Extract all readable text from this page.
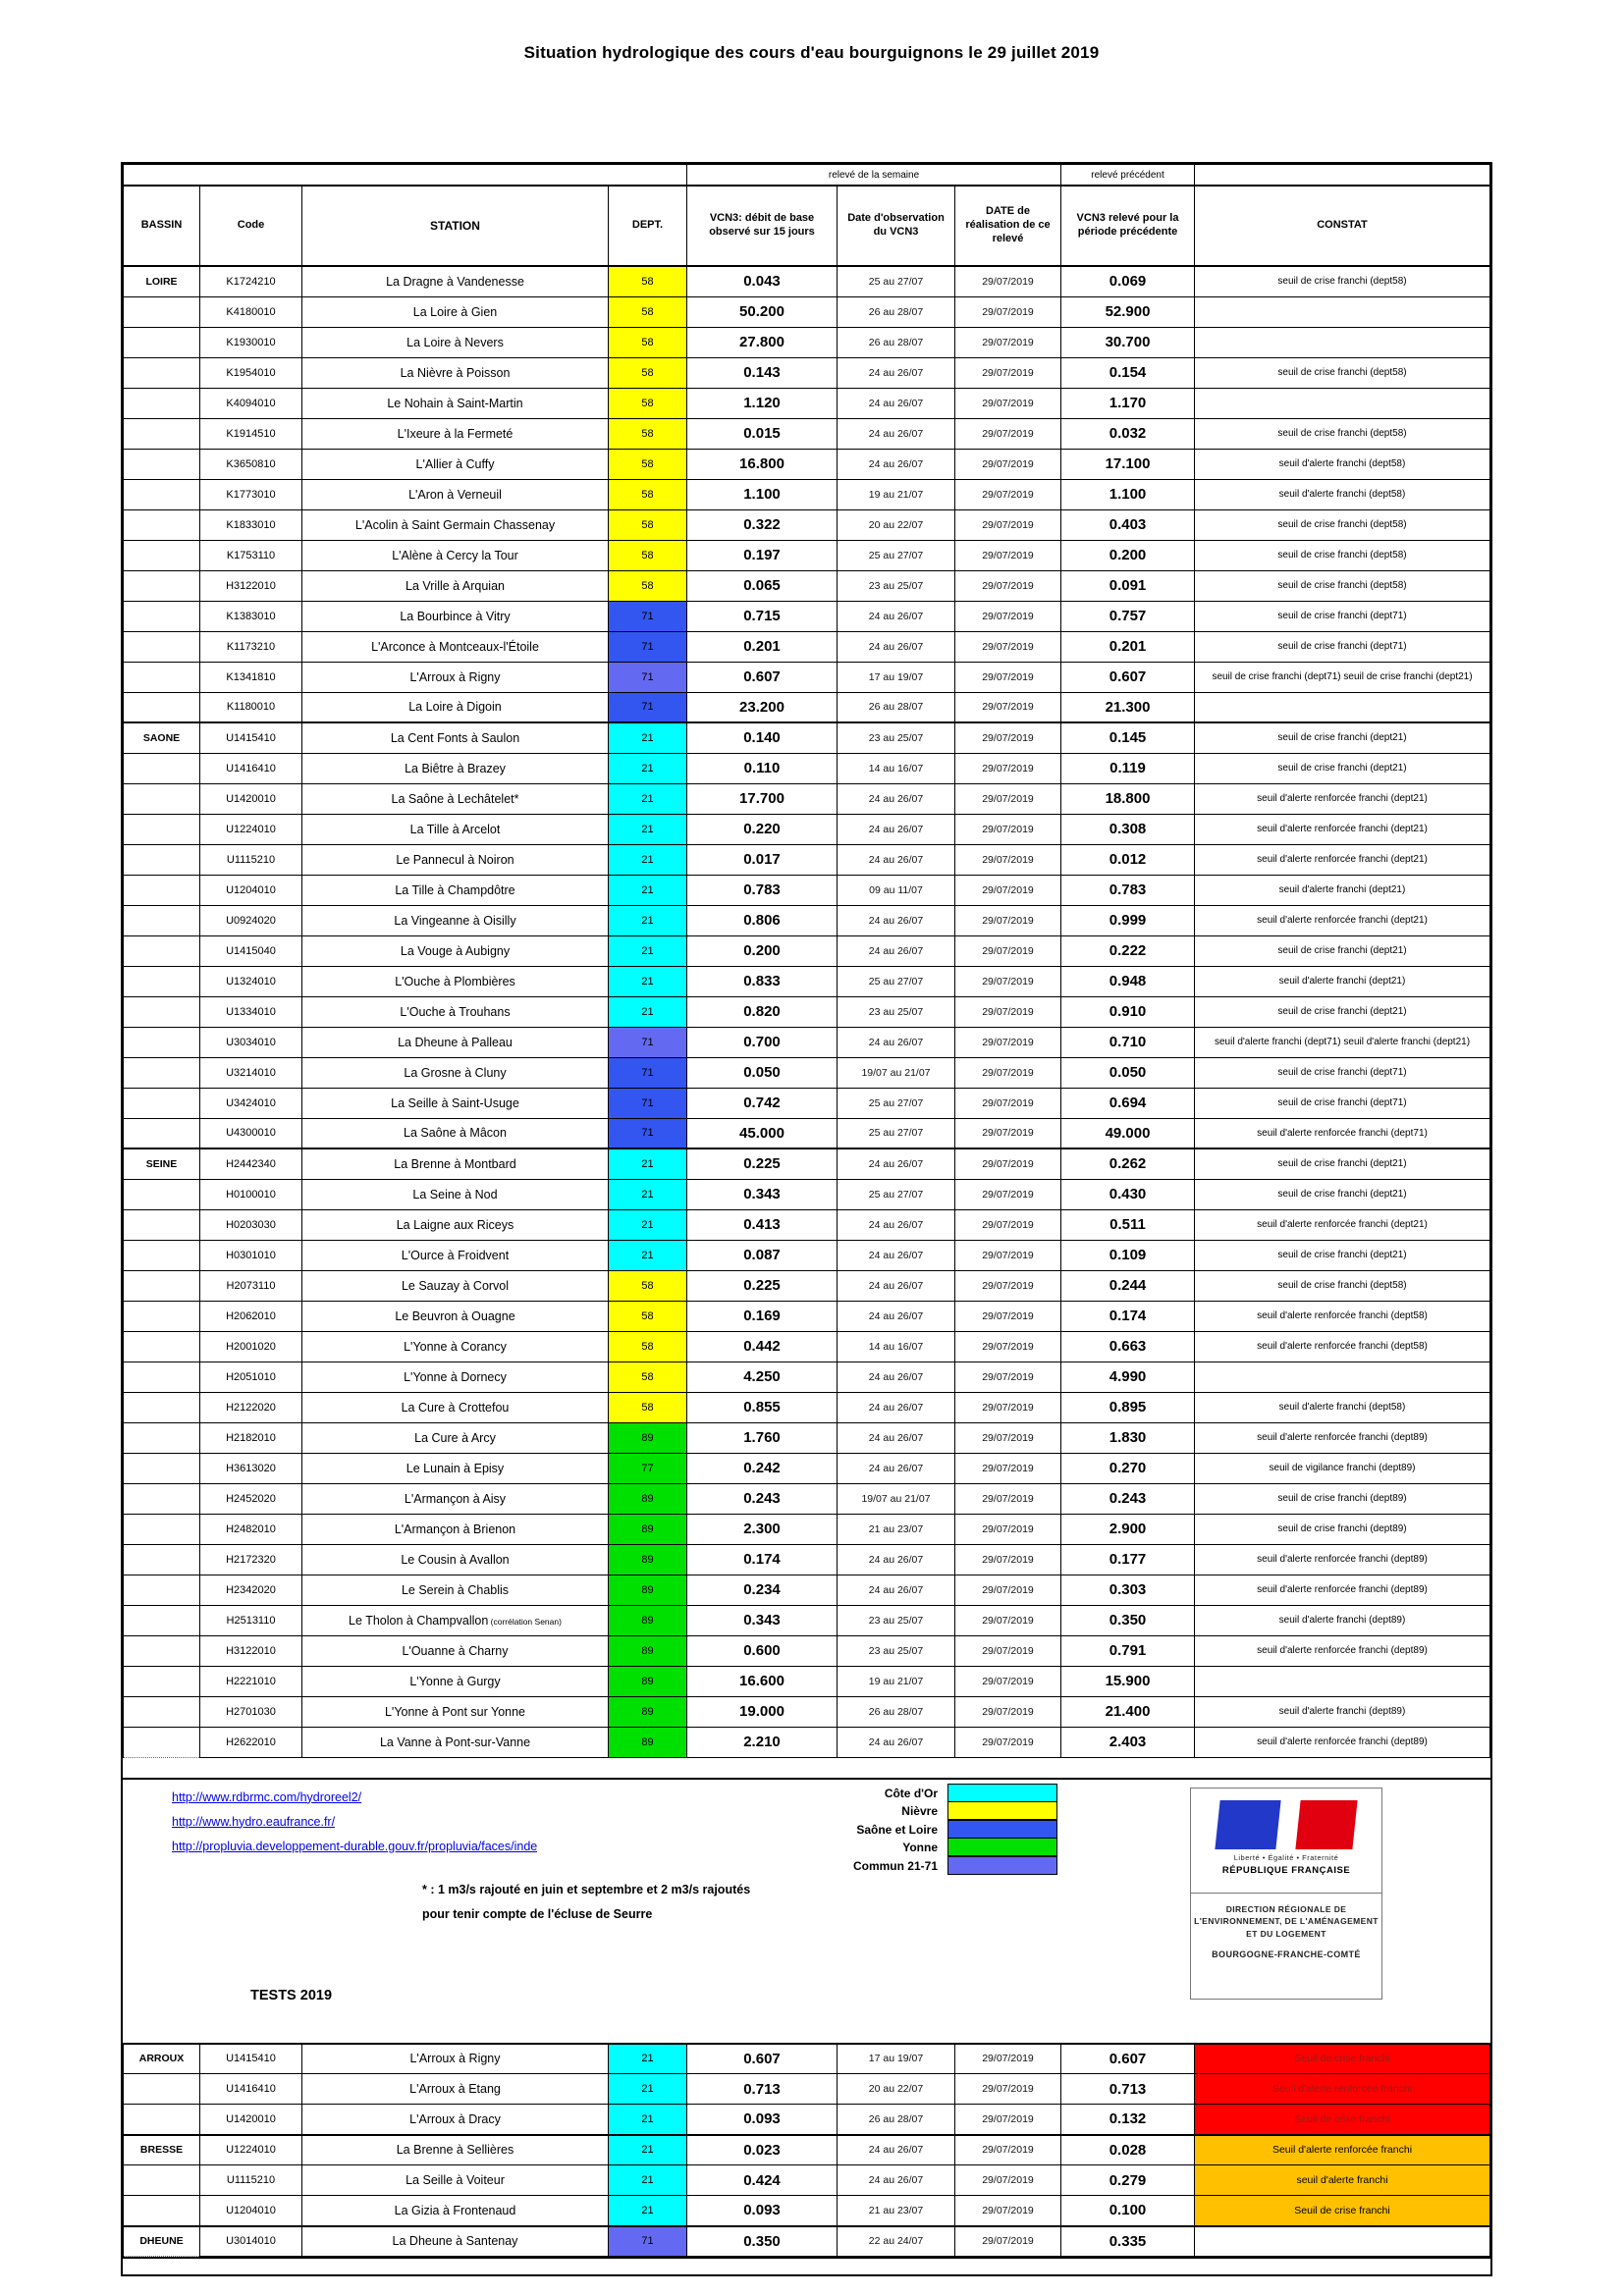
Situation hydrologique des cours d'eau bourguignons le 29 juillet 2019
				relevé de la semaine			relevé précédent	
BASSIN	Code	STATION	DEPT.	VCN3: débit de base observé sur 15 jours	Date d'observation du VCN3	DATE de réalisation de ce relevé	VCN3 relevé pour la période précédente	CONSTAT
LOIRE	K1724210	La Dragne à Vandenesse	58	0.043	25 au 27/07	29/07/2019	0.069	seuil de crise franchi (dept58)
	K4180010	La Loire à Gien	58	50.200	26 au 28/07	29/07/2019	52.900	
	K1930010	La Loire à Nevers	58	27.800	26 au 28/07	29/07/2019	30.700	
	K1954010	La Nièvre à Poisson	58	0.143	24 au 26/07	29/07/2019	0.154	seuil de crise franchi (dept58)
	K4094010	Le Nohain à Saint-Martin	58	1.120	24 au 26/07	29/07/2019	1.170	
	K1914510	L'Ixeure à la Fermeté	58	0.015	24 au 26/07	29/07/2019	0.032	seuil de crise franchi (dept58)
	K3650810	L'Allier à Cuffy	58	16.800	24 au 26/07	29/07/2019	17.100	seuil d'alerte franchi (dept58)
	K1773010	L'Aron à Verneuil	58	1.100	19 au 21/07	29/07/2019	1.100	seuil d'alerte franchi (dept58)
	K1833010	L'Acolin à Saint Germain Chassenay	58	0.322	20 au 22/07	29/07/2019	0.403	seuil de crise franchi (dept58)
	K1753110	L'Alène à Cercy la Tour	58	0.197	25 au 27/07	29/07/2019	0.200	seuil de crise franchi (dept58)
	H3122010	La Vrille à Arquian	58	0.065	23 au 25/07	29/07/2019	0.091	seuil de crise franchi (dept58)
	K1383010	La Bourbince à Vitry	71	0.715	24 au 26/07	29/07/2019	0.757	seuil de crise franchi (dept71)
	K1173210	L'Arconce à Montceaux-l'Étoile	71	0.201	24 au 26/07	29/07/2019	0.201	seuil de crise franchi (dept71)
	K1341810	L'Arroux à Rigny	71	0.607	17 au 19/07	29/07/2019	0.607	seuil de crise franchi (dept71) seuil de crise franchi (dept21)
	K1180010	La Loire à Digoin	71	23.200	26 au 28/07	29/07/2019	21.300	
SAONE	U1415410	La Cent Fonts à Saulon	21	0.140	23 au 25/07	29/07/2019	0.145	seuil de crise franchi (dept21)
	U1416410	La Biêtre à Brazey	21	0.110	14 au 16/07	29/07/2019	0.119	seuil de crise franchi (dept21)
	U1420010	La Saône à Lechâtelet*	21	17.700	24 au 26/07	29/07/2019	18.800	seuil d'alerte renforcée franchi (dept21)
	U1224010	La Tille à Arcelot	21	0.220	24 au 26/07	29/07/2019	0.308	seuil d'alerte renforcée franchi (dept21)
	U1115210	Le Pannecul à Noiron	21	0.017	24 au 26/07	29/07/2019	0.012	seuil d'alerte renforcée franchi (dept21)
	U1204010	La Tille à Champdôtre	21	0.783	09 au 11/07	29/07/2019	0.783	seuil d'alerte franchi (dept21)
	U0924020	La Vingeanne à Oisilly	21	0.806	24 au 26/07	29/07/2019	0.999	seuil d'alerte renforcée franchi (dept21)
	U1415040	La Vouge à Aubigny	21	0.200	24 au 26/07	29/07/2019	0.222	seuil de crise franchi (dept21)
	U1324010	L'Ouche à Plombières	21	0.833	25 au 27/07	29/07/2019	0.948	seuil d'alerte franchi (dept21)
	U1334010	L'Ouche à Trouhans	21	0.820	23 au 25/07	29/07/2019	0.910	seuil de crise franchi (dept21)
	U3034010	La Dheune à Palleau	71	0.700	24 au 26/07	29/07/2019	0.710	seuil d'alerte franchi (dept71) seuil d'alerte franchi (dept21)
	U3214010	La Grosne à Cluny	71	0.050	19/07 au 21/07	29/07/2019	0.050	seuil de crise franchi (dept71)
	U3424010	La Seille à Saint-Usuge	71	0.742	25 au 27/07	29/07/2019	0.694	seuil de crise franchi (dept71)
	U4300010	La Saône à Mâcon	71	45.000	25 au 27/07	29/07/2019	49.000	seuil d'alerte renforcée franchi (dept71)
SEINE	H2442340	La Brenne à Montbard	21	0.225	24 au 26/07	29/07/2019	0.262	seuil de crise franchi (dept21)
	H0100010	La Seine à Nod	21	0.343	25 au 27/07	29/07/2019	0.430	seuil de crise franchi (dept21)
	H0203030	La Laigne aux Riceys	21	0.413	24 au 26/07	29/07/2019	0.511	seuil d'alerte renforcée franchi (dept21)
	H0301010	L'Ource à Froidvent	21	0.087	24 au 26/07	29/07/2019	0.109	seuil de crise franchi (dept21)
	H2073110	Le Sauzay à Corvol	58	0.225	24 au 26/07	29/07/2019	0.244	seuil de crise franchi (dept58)
	H2062010	Le Beuvron à Ouagne	58	0.169	24 au 26/07	29/07/2019	0.174	seuil d'alerte renforcée franchi (dept58)
	H2001020	L'Yonne à Corancy	58	0.442	14 au 16/07	29/07/2019	0.663	seuil d'alerte renforcée franchi (dept58)
	H2051010	L'Yonne à Dornecy	58	4.250	24 au 26/07	29/07/2019	4.990	
	H2122020	La Cure à Crottefou	58	0.855	24 au 26/07	29/07/2019	0.895	seuil d'alerte franchi (dept58)
	H2182010	La Cure à Arcy	89	1.760	24 au 26/07	29/07/2019	1.830	seuil d'alerte renforcée franchi (dept89)
	H3613020	Le Lunain à Episy	77	0.242	24 au 26/07	29/07/2019	0.270	seuil de vigilance franchi (dept89)
	H2452020	L'Armançon à Aisy	89	0.243	19/07 au 21/07	29/07/2019	0.243	seuil de crise franchi (dept89)
	H2482010	L'Armançon à Brienon	89	2.300	21 au 23/07	29/07/2019	2.900	seuil de crise franchi (dept89)
	H2172320	Le Cousin à Avallon	89	0.174	24 au 26/07	29/07/2019	0.177	seuil d'alerte renforcée franchi (dept89)
	H2342020	Le Serein à Chablis	89	0.234	24 au 26/07	29/07/2019	0.303	seuil d'alerte renforcée franchi (dept89)
	H2513110	Le Tholon à Champvallon (corrélation Senan)	89	0.343	23 au 25/07	29/07/2019	0.350	seuil d'alerte franchi (dept89)
	H3122010	L'Ouanne à Charny	89	0.600	23 au 25/07	29/07/2019	0.791	seuil d'alerte renforcée franchi (dept89)
	H2221010	L'Yonne à Gurgy	89	16.600	19 au 21/07	29/07/2019	15.900	
	H2701030	L'Yonne à Pont sur Yonne	89	19.000	26 au 28/07	29/07/2019	21.400	seuil d'alerte franchi (dept89)
	H2622010	La Vanne à Pont-sur-Vanne	89	2.210	24 au 26/07	29/07/2019	2.403	seuil d'alerte renforcée franchi (dept89)
http://www.rdbrmc.com/hydroreel2/
http://www.hydro.eaufrance.fr/
http://propluvia.developpement-durable.gouv.fr/propluvia/faces/inde
Côte d'Or
Nièvre
Saône et Loire
Yonne
Commun 21-71
* : 1 m3/s rajouté en juin et septembre et 2 m3/s rajoutés
pour tenir compte de l'écluse de Seurre
TESTS 2019
Liberté • Égalité • Fraternité
RÉPUBLIQUE FRANÇAISE
DIRECTION RÉGIONALE DE L'ENVIRONNEMENT, DE L'AMÉNAGEMENT ET DU LOGEMENT
BOURGOGNE-FRANCHE-COMTÉ
ARROUX	U1415410	L'Arroux à Rigny	21	0.607	17 au 19/07	29/07/2019	0.607	Seuil de crise franchi
	U1416410	L'Arroux à Etang	21	0.713	20 au 22/07	29/07/2019	0.713	Seuil d'alerte renforcée franchi
	U1420010	L'Arroux à Dracy	21	0.093	26 au 28/07	29/07/2019	0.132	Seuil de crise franchi
BRESSE	U1224010	La Brenne à Sellières	21	0.023	24 au 26/07	29/07/2019	0.028	Seuil d'alerte renforcée franchi
	U1115210	La Seille à Voiteur	21	0.424	24 au 26/07	29/07/2019	0.279	seuil d'alerte franchi
	U1204010	La Gizia à Frontenaud	21	0.093	21 au 23/07	29/07/2019	0.100	Seuil de crise franchi
DHEUNE	U3014010	La Dheune à Santenay	71	0.350	22 au 24/07	29/07/2019	0.335	
